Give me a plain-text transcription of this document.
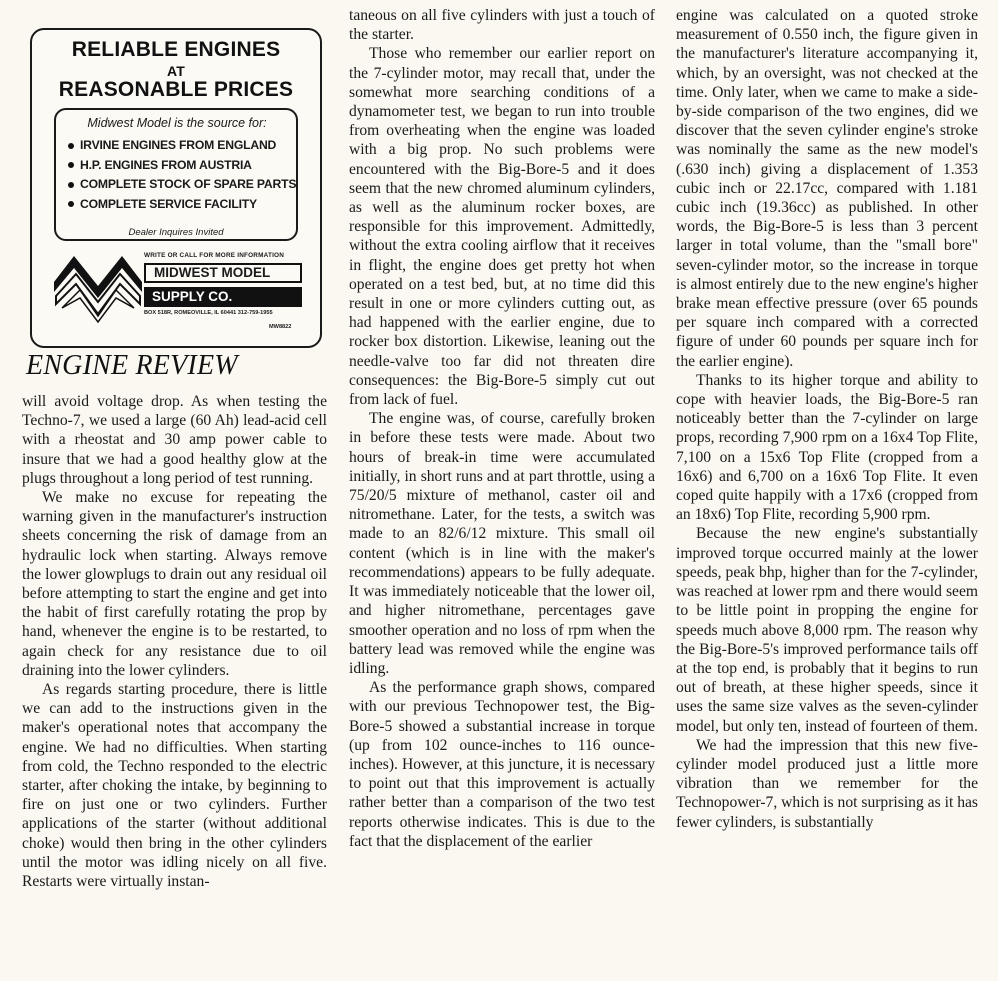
RELIABLE ENGINES
AT
REASONABLE PRICES
Midwest Model is the source for:
IRVINE ENGINES FROM ENGLAND
H.P. ENGINES FROM AUSTRIA
COMPLETE STOCK OF SPARE PARTS
COMPLETE SERVICE FACILITY
Dealer Inquires Invited
WRITE OR CALL FOR MORE INFORMATION
MIDWEST MODEL
SUPPLY CO.
BOX 518R, ROMEOVILLE, IL 60441 312-759-1955
MW8822
ENGINE REVIEW

will avoid voltage drop. As when testing the Techno-7, we used a large (60 Ah) lead-acid cell with a rheostat and 30 amp power cable to insure that we had a good healthy glow at the plugs throughout a long period of test running.

We make no excuse for repeating the warning given in the manufacturer's instruction sheets concerning the risk of damage from an hydraulic lock when starting. Always remove the lower glowplugs to drain out any residual oil before attempting to start the engine and get into the habit of first carefully rotating the prop by hand, whenever the engine is to be restarted, to again check for any resistance due to oil draining into the lower cylinders.

As regards starting procedure, there is little we can add to the instructions given in the maker's operational notes that accompany the engine. We had no difficulties. When starting from cold, the Techno responded to the electric starter, after choking the intake, by beginning to fire on just one or two cylinders. Further applications of the starter (without additional choke) would then bring in the other cylinders until the motor was idling nicely on all five. Restarts were virtually instan-

taneous on all five cylinders with just a touch of the starter.

Those who remember our earlier report on the 7-cylinder motor, may recall that, under the somewhat more searching conditions of a dynamometer test, we began to run into trouble from overheating when the engine was loaded with a big prop. No such problems were encountered with the Big-Bore-5 and it does seem that the new chromed aluminum cylinders, as well as the aluminum rocker boxes, are responsible for this improvement. Admittedly, without the extra cooling airflow that it receives in flight, the engine does get pretty hot when operated on a test bed, but, at no time did this result in one or more cylinders cutting out, as had happened with the earlier engine, due to rocker box distortion. Likewise, leaning out the needle-valve too far did not threaten dire consequences: the Big-Bore-5 simply cut out from lack of fuel.

The engine was, of course, carefully broken in before these tests were made. About two hours of break-in time were accumulated initially, in short runs and at part throttle, using a 75/20/5 mixture of methanol, caster oil and nitromethane. Later, for the tests, a switch was made to an 82/6/12 mixture. This small oil content (which is in line with the maker's recommendations) appears to be fully adequate. It was immediately noticeable that the lower oil, and higher nitromethane, percentages gave smoother operation and no loss of rpm when the battery lead was removed while the engine was idling.

As the performance graph shows, compared with our previous Technopower test, the Big-Bore-5 showed a substantial increase in torque (up from 102 ounce-inches to 116 ounce-inches). However, at this juncture, it is necessary to point out that this improvement is actually rather better than a comparison of the two test reports otherwise indicates. This is due to the fact that the displacement of the earlier

engine was calculated on a quoted stroke measurement of 0.550 inch, the figure given in the manufacturer's literature accompanying it, which, by an oversight, was not checked at the time. Only later, when we came to make a side-by-side comparison of the two engines, did we discover that the seven cylinder engine's stroke was nominally the same as the new model's (.630 inch) giving a displacement of 1.353 cubic inch or 22.17cc, compared with 1.181 cubic inch (19.36cc) as published. In other words, the Big-Bore-5 is less than 3 percent larger in total volume, than the "small bore" seven-cylinder motor, so the increase in torque is almost entirely due to the new engine's higher brake mean effective pressure (over 65 pounds per square inch compared with a corrected figure of under 60 pounds per square inch for the earlier engine).

Thanks to its higher torque and ability to cope with heavier loads, the Big-Bore-5 ran noticeably better than the 7-cylinder on large props, recording 7,900 rpm on a 16x4 Top Flite, 7,100 on a 15x6 Top Flite (cropped from a 16x6) and 6,700 on a 16x6 Top Flite. It even coped quite happily with a 17x6 (cropped from an 18x6) Top Flite, recording 5,900 rpm.

Because the new engine's substantially improved torque occurred mainly at the lower speeds, peak bhp, higher than for the 7-cylinder, was reached at lower rpm and there would seem to be little point in propping the engine for speeds much above 8,000 rpm. The reason why the Big-Bore-5's improved performance tails off at the top end, is probably that it begins to run out of breath, at these higher speeds, since it uses the same size valves as the seven-cylinder model, but only ten, instead of fourteen of them.

We had the impression that this new five-cylinder model produced just a little more vibration than we remember for the Technopower-7, which is not surprising as it has fewer cylinders, is substantially
